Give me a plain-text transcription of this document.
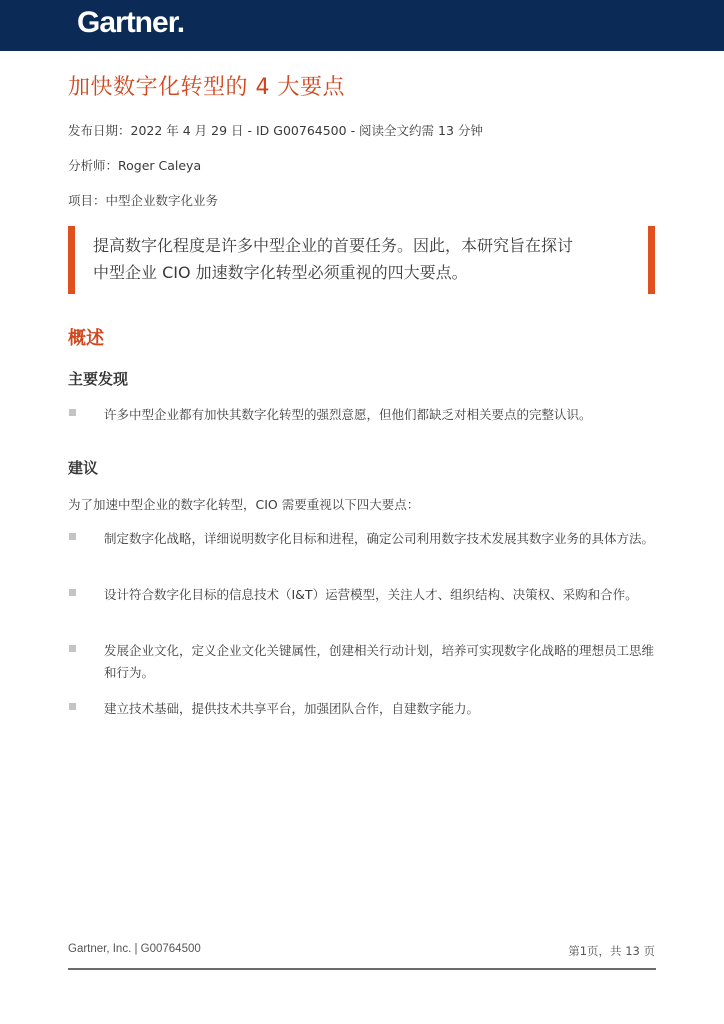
Gartner.
加快数字化转型的 4 大要点
发布日期：2022 年 4 月 29 日 - ID G00764500 - 阅读全文约需 13 分钟
分析师：Roger Caleya
项目：中型企业数字化业务
提高数字化程度是许多中型企业的首要任务。因此，本研究旨在探讨
中型企业 CIO 加速数字化转型必须重视的四大要点。
概述
主要发现
许多中型企业都有加快其数字化转型的强烈意愿，但他们都缺乏对相关要点的完整认识。
建议
为了加速中型企业的数字化转型，CIO 需要重视以下四大要点：
制定数字化战略，详细说明数字化目标和进程，确定公司利用数字技术发展其数字业务的具体方法。
设计符合数字化目标的信息技术（I&T）运营模型，关注人才、组织结构、决策权、采购和合作。
发展企业文化，定义企业文化关键属性，创建相关行动计划，培养可实现数字化战略的理想员工思维和行为。
建立技术基础，提供技术共享平台，加强团队合作，自建数字能力。
Gartner, Inc. | G00764500	第1页，共 13 页
